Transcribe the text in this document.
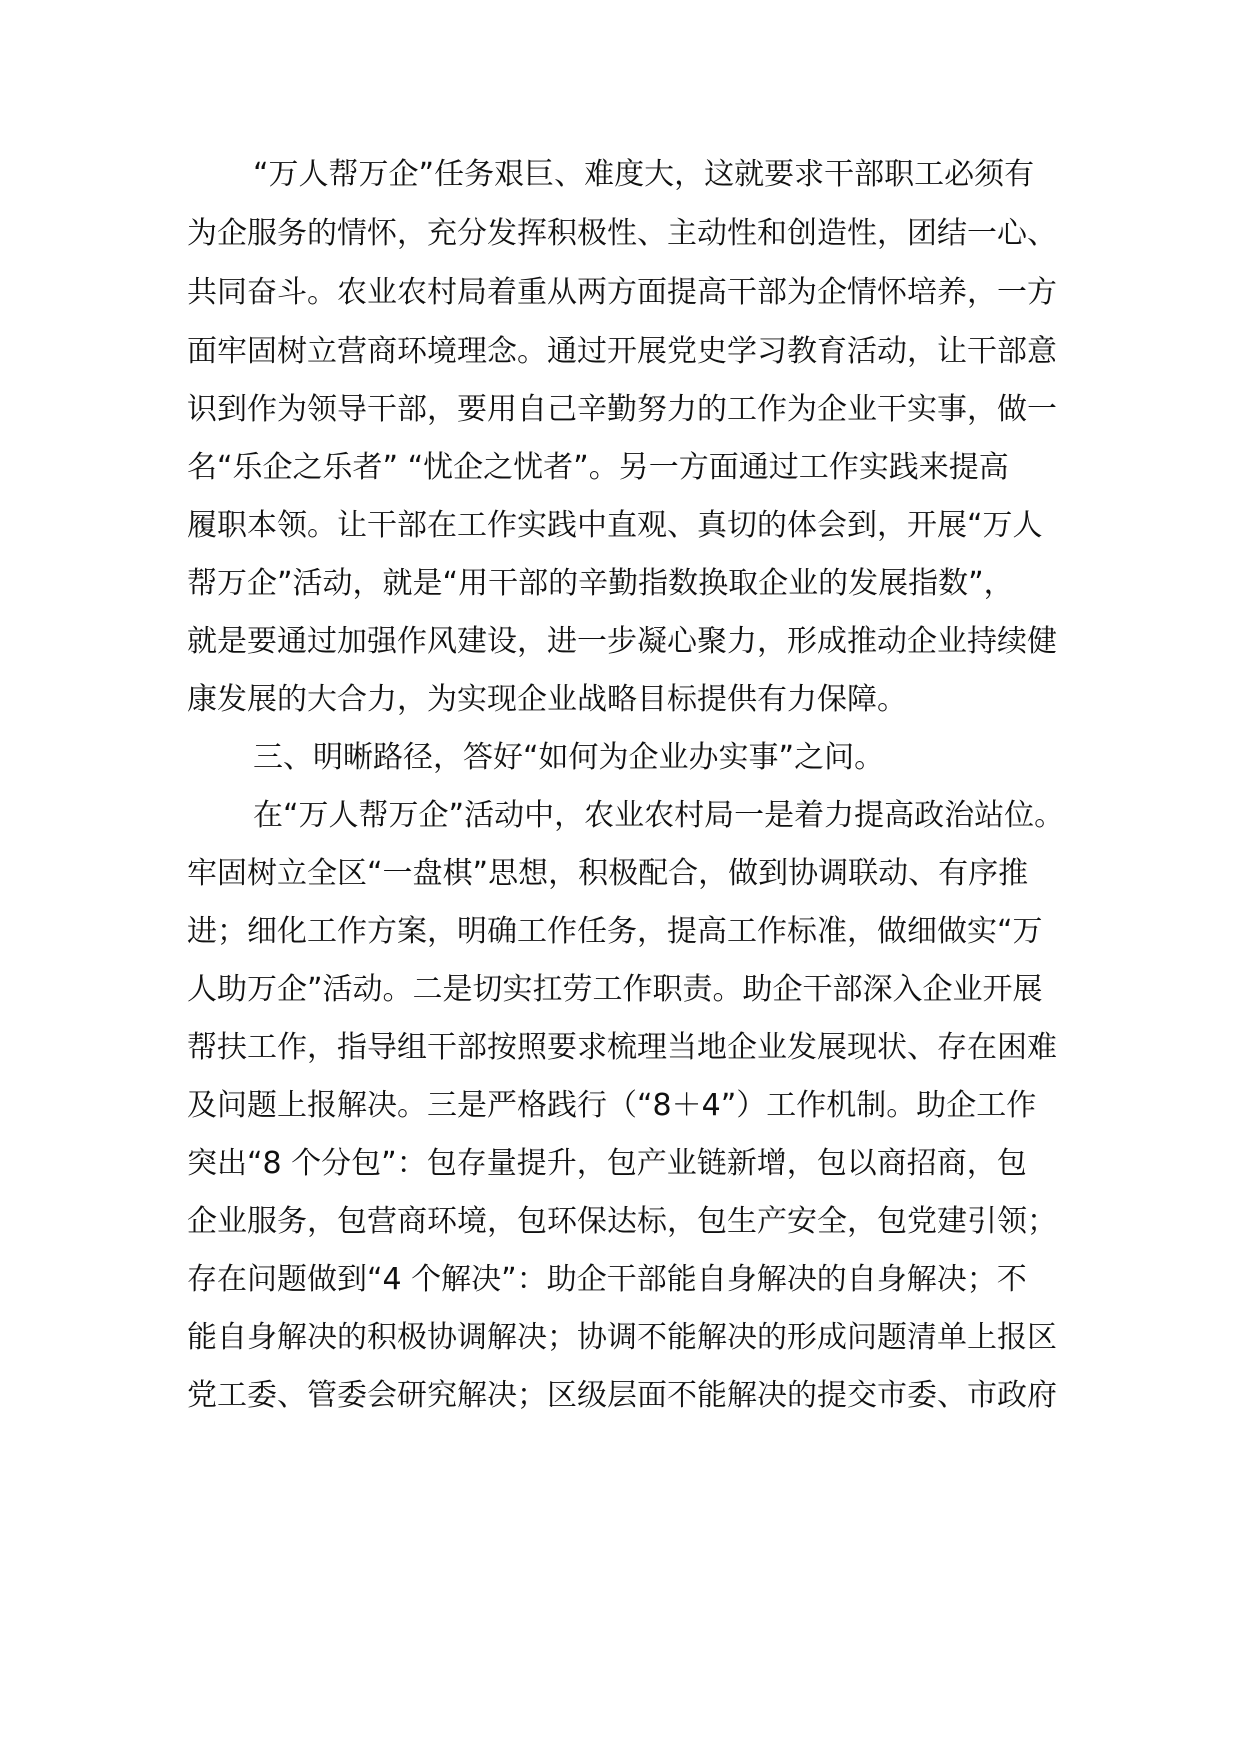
“万人帮万企”任务艰巨、难度大，这就要求干部职工必须有
为企服务的情怀，充分发挥积极性、主动性和创造性，团结一心、
共同奋斗。农业农村局着重从两方面提高干部为企情怀培养，一方
面牢固树立营商环境理念。通过开展党史学习教育活动，让干部意
识到作为领导干部，要用自己辛勤努力的工作为企业干实事，做一
名“乐企之乐者” “忧企之忧者”。另一方面通过工作实践来提高
履职本领。让干部在工作实践中直观、真切的体会到，开展“万人
帮万企”活动，就是“用干部的辛勤指数换取企业的发展指数”，
就是要通过加强作风建设，进一步凝心聚力，形成推动企业持续健
康发展的大合力，为实现企业战略目标提供有力保障。
三、明晰路径，答好“如何为企业办实事”之问。
在“万人帮万企”活动中，农业农村局一是着力提高政治站位。
牢固树立全区“一盘棋”思想，积极配合，做到协调联动、有序推
进；细化工作方案，明确工作任务，提高工作标准，做细做实“万
人助万企”活动。二是切实扛劳工作职责。助企干部深入企业开展
帮扶工作，指导组干部按照要求梳理当地企业发展现状、存在困难
及问题上报解决。三是严格践行（“8＋4”）工作机制。助企工作
突出“8 个分包”：包存量提升，包产业链新增，包以商招商，包
企业服务，包营商环境，包环保达标，包生产安全，包党建引领；
存在问题做到“4 个解决”：助企干部能自身解决的自身解决；不
能自身解决的积极协调解决；协调不能解决的形成问题清单上报区
党工委、管委会研究解决；区级层面不能解决的提交市委、市政府
